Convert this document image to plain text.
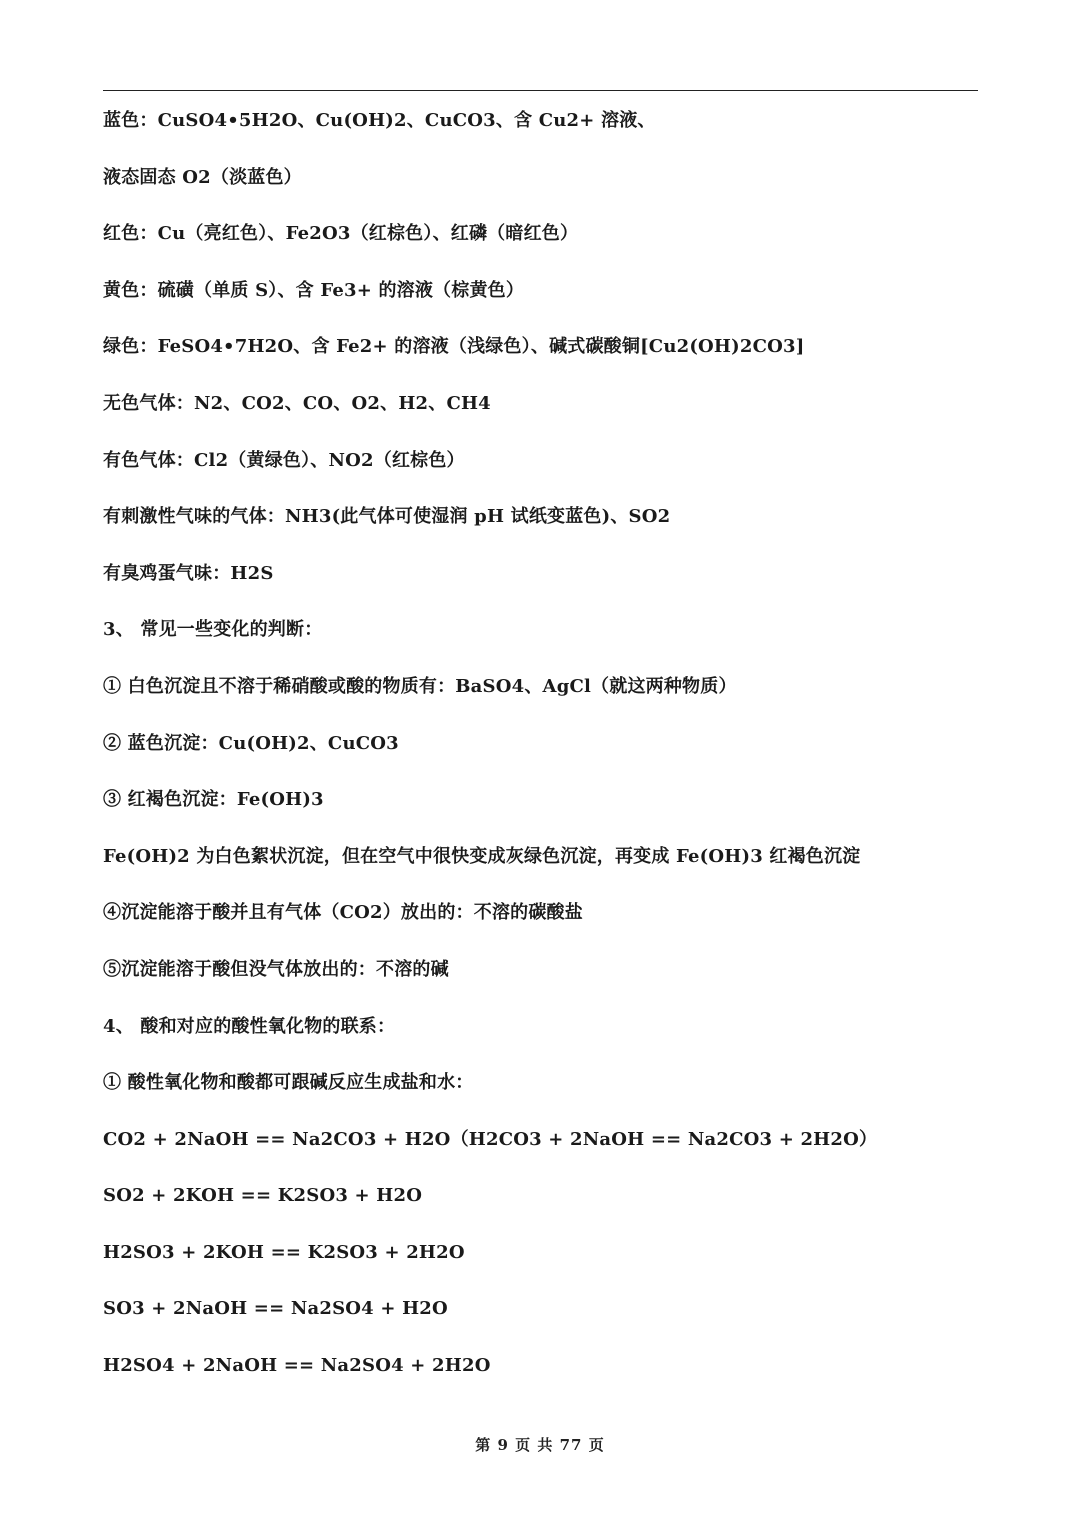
蓝色：CuSO4•5H2O、Cu(OH)2、CuCO3、含 Cu2+ 溶液、
液态固态 O2（淡蓝色）
红色：Cu（亮红色）、Fe2O3（红棕色）、红磷（暗红色）
黄色：硫磺（单质 S）、含 Fe3+ 的溶液（棕黄色）
绿色：FeSO4•7H2O、含 Fe2+ 的溶液（浅绿色）、碱式碳酸铜[Cu2(OH)2CO3]
无色气体：N2、CO2、CO、O2、H2、CH4
有色气体：Cl2（黄绿色）、NO2（红棕色）
有刺激性气味的气体：NH3(此气体可使湿润 pH 试纸变蓝色)、SO2
有臭鸡蛋气味：H2S
3、 常见一些变化的判断：
① 白色沉淀且不溶于稀硝酸或酸的物质有：BaSO4、AgCl（就这两种物质）
② 蓝色沉淀：Cu(OH)2、CuCO3
③ 红褐色沉淀：Fe(OH)3
Fe(OH)2 为白色絮状沉淀，但在空气中很快变成灰绿色沉淀，再变成 Fe(OH)3 红褐色沉淀
④沉淀能溶于酸并且有气体（CO2）放出的：不溶的碳酸盐
⑤沉淀能溶于酸但没气体放出的：不溶的碱
4、 酸和对应的酸性氧化物的联系：
① 酸性氧化物和酸都可跟碱反应生成盐和水：
CO2 + 2NaOH == Na2CO3 + H2O（H2CO3 + 2NaOH == Na2CO3 + 2H2O）
SO2 + 2KOH == K2SO3 + H2O
H2SO3 + 2KOH == K2SO3 + 2H2O
SO3 + 2NaOH == Na2SO4 + H2O
H2SO4 + 2NaOH == Na2SO4 + 2H2O
第 9 页 共 77 页
